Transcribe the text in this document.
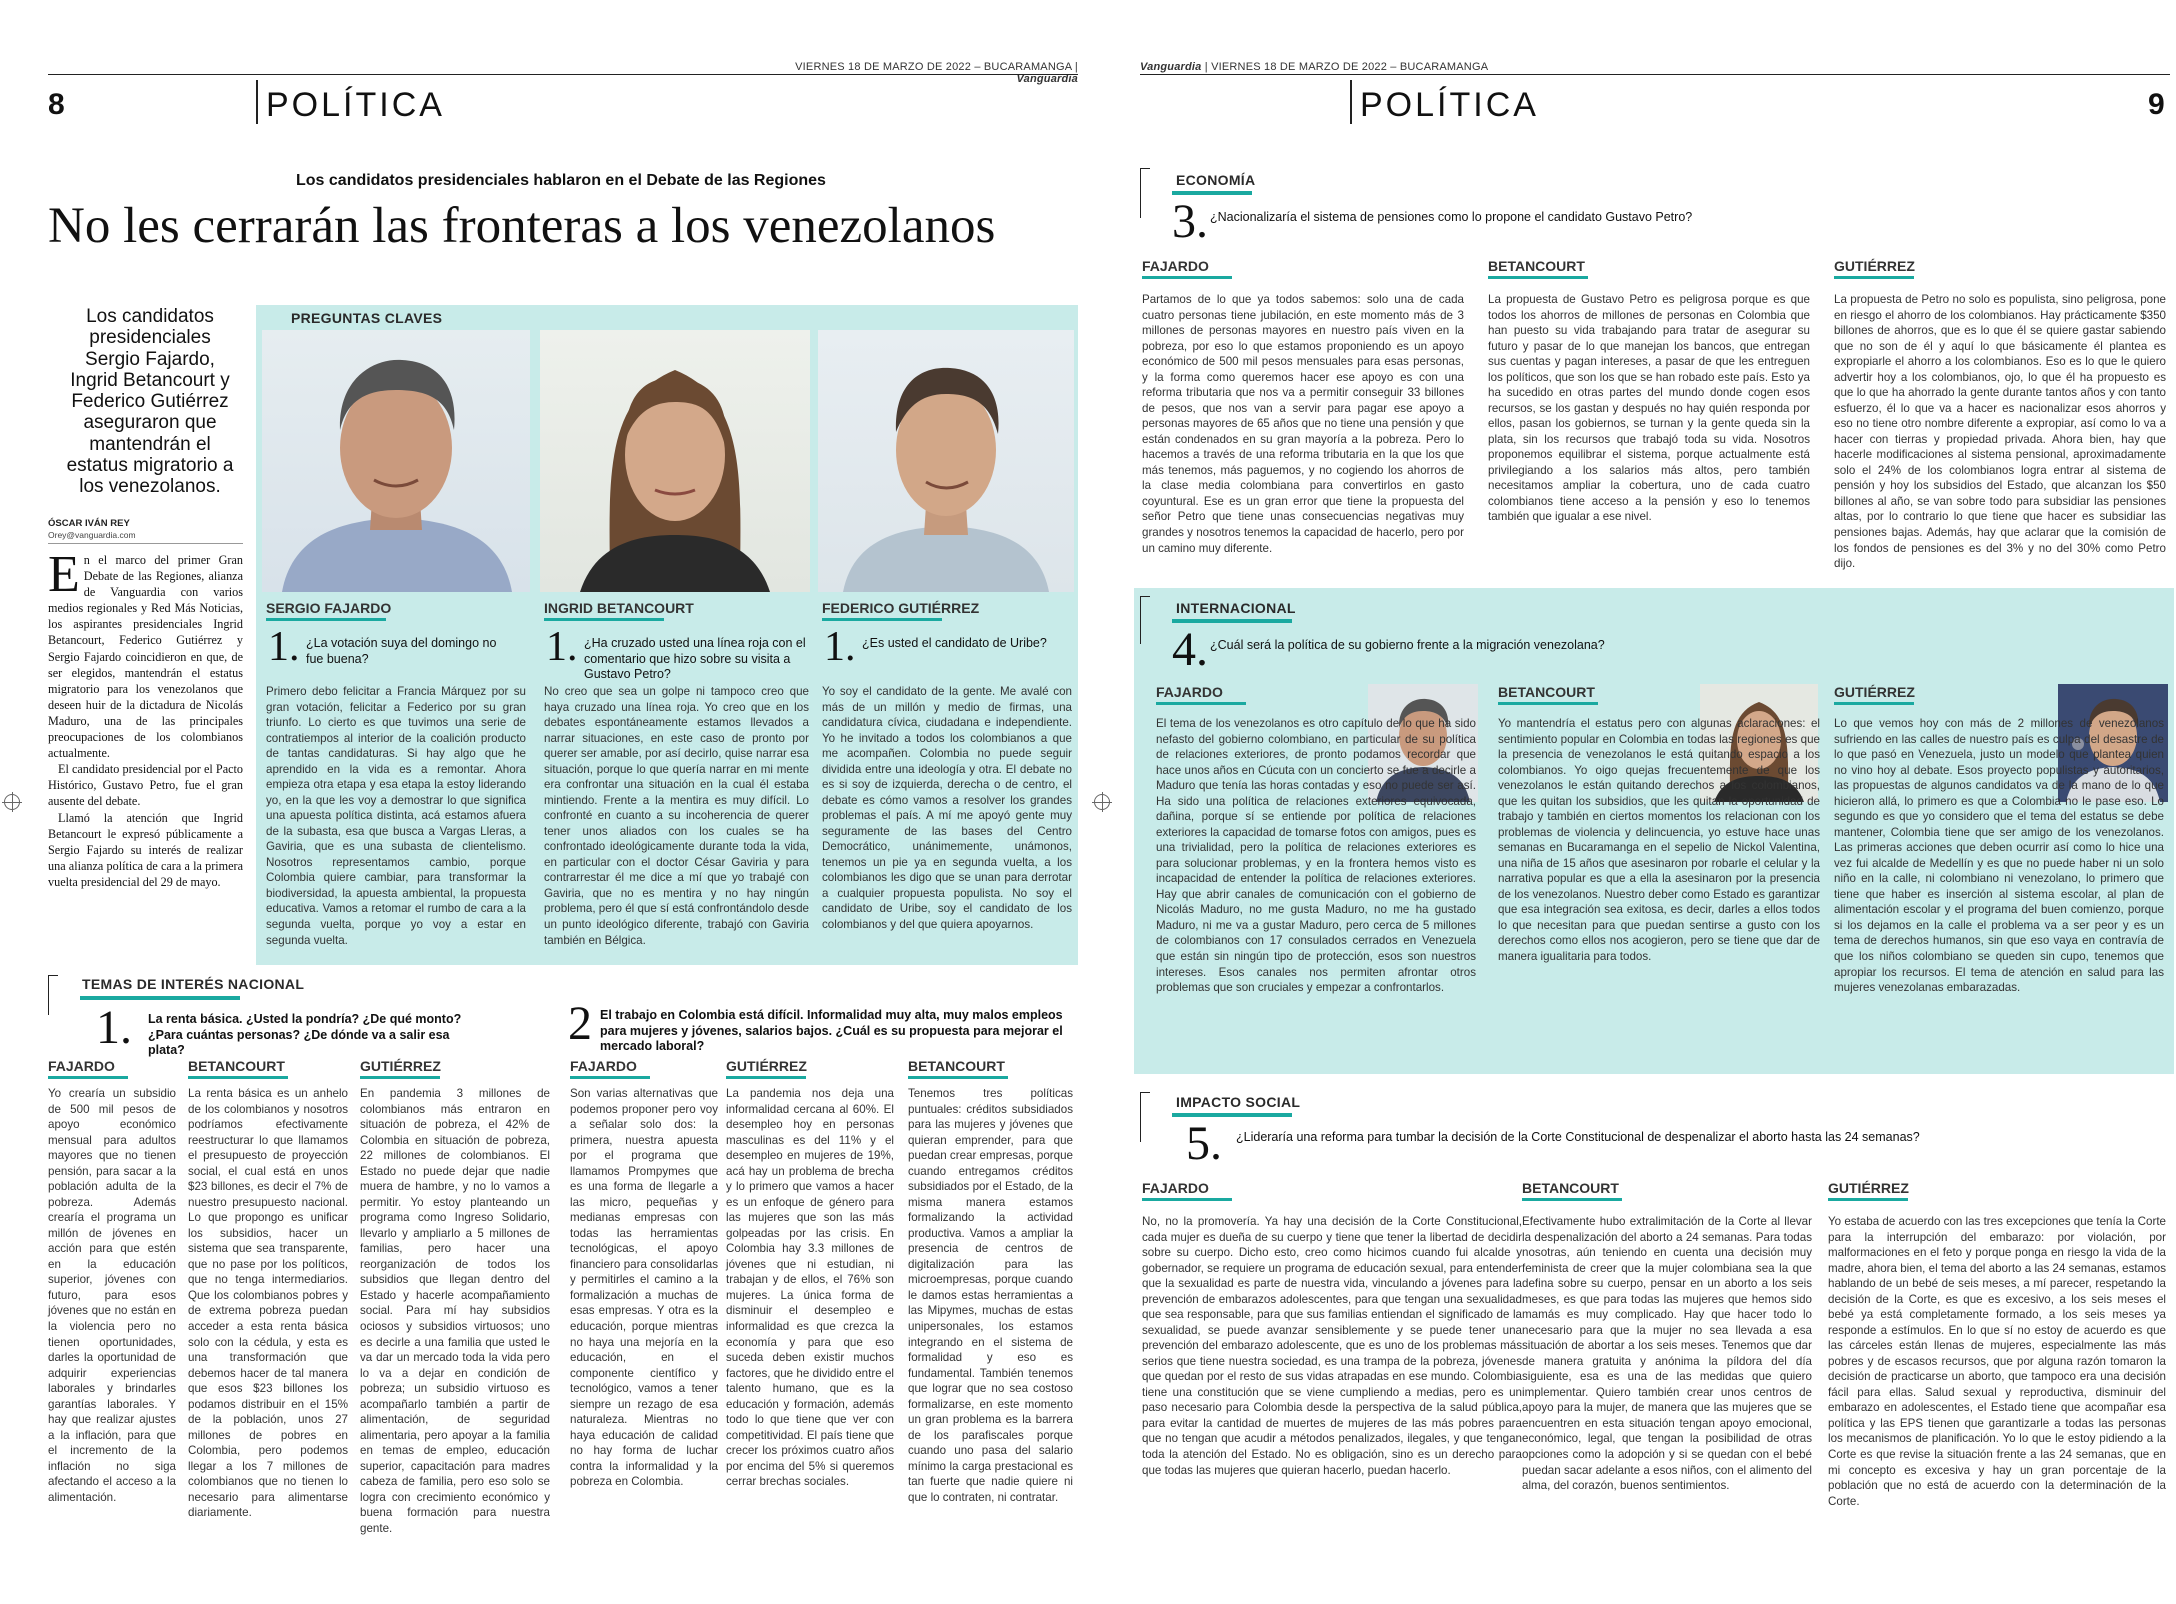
VIERNES 18 DE MARZO DE 2022 – BUCARAMANGA | Vanguardia
8	POLÍTICA
Los candidatos presidenciales hablaron en el Debate de las Regiones
No les cerrarán las fronteras a los venezolanos
Los candidatos presidenciales Sergio Fajardo, Ingrid Betancourt y Federico Gutiérrez aseguraron que mantendrán el estatus migratorio a los venezolanos.
ÓSCAR IVÁN REY
Orey@vanguardia.com
En el marco del primer Gran Debate de las Regiones, alianza de Vanguardia con varios medios regionales y Red Más Noticias, los aspirantes presidenciales Ingrid Betancourt, Federico Gutiérrez y Sergio Fajardo coincidieron en que, de ser elegidos, mantendrán el estatus migratorio para los venezolanos que deseen huir de la dictadura de Nicolás Maduro, una de las principales preocupaciones de los colombianos actualmente.
El candidato presidencial por el Pacto Histórico, Gustavo Petro, fue el gran ausente del debate.
Llamó la atención que Ingrid Betancourt le expresó públicamente a Sergio Fajardo su interés de realizar una alianza política de cara a la primera vuelta presidencial del 29 de mayo.
PREGUNTAS CLAVES
SERGIO FAJARDO
1. ¿La votación suya del domingo no fue buena?
Primero debo felicitar a Francia Márquez por su gran votación, felicitar a Federico por su gran triunfo. Lo cierto es que tuvimos una serie de contratiempos al interior de la coalición producto de tantas candidaturas. Si hay algo que he aprendido en la vida es a remontar. Ahora empieza otra etapa y esa etapa la estoy liderando yo, en la que les voy a demostrar lo que significa una apuesta política distinta, acá estamos afuera de la subasta, esa que busca a Vargas Lleras, a Gaviria, que es una subasta de clientelismo. Nosotros representamos cambio, porque Colombia quiere cambiar, para transformar la biodiversidad, la apuesta ambiental, la propuesta educativa. Vamos a retomar el rumbo de cara a la segunda vuelta, porque yo voy a estar en segunda vuelta.
INGRID BETANCOURT
1. ¿Ha cruzado usted una línea roja con el comentario que hizo sobre su visita a Gustavo Petro?
No creo que sea un golpe ni tampoco creo que haya cruzado una línea roja. Yo creo que en los debates espontáneamente estamos llevados a narrar situaciones, en este caso de pronto por querer ser amable, por así decirlo, quise narrar esa situación, porque lo que quería narrar en mi mente era confrontar una situación en la cual él estaba mintiendo. Frente a la mentira es muy difícil. Lo confronté en cuanto a su incoherencia de querer tener unos aliados con los cuales se ha confrontado ideológicamente durante toda la vida, en particular con el doctor César Gaviria y para contrarrestar él me dice a mí que yo trabajé con Gaviria, que no es mentira y no hay ningún problema, pero él que sí está confrontándolo desde un punto ideológico diferente, trabajó con Gaviria también en Bélgica.
FEDERICO GUTIÉRREZ
1. ¿Es usted el candidato de Uribe?
Yo soy el candidato de la gente. Me avalé con más de un millón y medio de firmas, una candidatura cívica, ciudadana e independiente. Yo he invitado a todos los colombianos a que me acompañen. Colombia no puede seguir dividida entre una ideología y otra. El debate no es si soy de izquierda, derecha o de centro, el debate es cómo vamos a resolver los grandes problemas el país. A mí me apoyó gente muy seguramente de las bases del Centro Democrático, unánimemente, unámonos, tenemos un pie ya en segunda vuelta, a los colombianos les digo que se unan para derrotar a cualquier propuesta populista. No soy el candidato de Uribe, soy el candidato de los colombianos y del que quiera apoyarnos.
TEMAS DE INTERÉS NACIONAL
1. La renta básica. ¿Usted la pondría? ¿De qué monto? ¿Para cuántas personas? ¿De dónde va a salir esa plata?
2 El trabajo en Colombia está difícil. Informalidad muy alta, muy malos empleos para mujeres y jóvenes, salarios bajos. ¿Cuál es su propuesta para mejorar el mercado laboral?
FAJARDO
Yo crearía un subsidio de 500 mil pesos de apoyo económico mensual para adultos mayores que no tienen pensión, para sacar a la población adulta de la pobreza. Además crearía el programa un millón de jóvenes en acción para que estén en la educación superior, jóvenes con futuro, para esos jóvenes que no están en la violencia pero no tienen oportunidades, darles la oportunidad de adquirir experiencias laborales y brindarles garantías laborales. Y hay que realizar ajustes a la inflación, para que el incremento de la inflación no siga afectando el acceso a la alimentación.
BETANCOURT
La renta básica es un anhelo de los colombianos y nosotros podríamos efectivamente reestructurar lo que llamamos el presupuesto de proyección social, el cual está en unos $23 billones, es decir el 7% de nuestro presupuesto nacional. Lo que propongo es unificar los subsidios, hacer un sistema que sea transparente, que no pase por los políticos, que no tenga intermediarios. Que los colombianos pobres y de extrema pobreza puedan acceder a esta renta básica solo con la cédula, y esta es una transformación que debemos hacer de tal manera que esos $23 billones los podamos distribuir en el 15% de la población, unos 27 millones de pobres en Colombia, pero podemos llegar a los 7 millones de colombianos que no tienen lo necesario para alimentarse diariamente.
GUTIÉRREZ
En pandemia 3 millones de colombianos más entraron en situación de pobreza, el 42% de Colombia en situación de pobreza, 22 millones de colombianos. El Estado no puede dejar que nadie muera de hambre, y no lo vamos a permitir. Yo estoy planteando un programa como Ingreso Solidario, llevarlo y ampliarlo a 5 millones de familias, pero hacer una reorganización de todos los subsidios que llegan dentro del Estado y hacerle acompañamiento social. Para mí hay subsidios ociosos y subsidios virtuosos; uno es decirle a una familia que usted le va dar un mercado toda la vida pero lo va a dejar en condición de pobreza; un subsidio virtuoso es acompañarlo también a partir de alimentación, de seguridad alimentaria, pero apoyar a la familia en temas de empleo, educación superior, capacitación para madres cabeza de familia, pero eso solo se logra con crecimiento económico y buena formación para nuestra gente.
FAJARDO
Son varias alternativas que podemos proponer pero voy a señalar solo dos: la primera, nuestra apuesta por el programa que llamamos Prompymes que es una forma de llegarle a las micro, pequeñas y medianas empresas con todas las herramientas tecnológicas, el apoyo financiero para consolidarlas y permitirles el camino a la formalización a muchas de esas empresas. Y otra es la educación, porque mientras no haya una mejoría en la educación, en el componente científico y tecnológico, vamos a tener siempre un rezago de esa naturaleza. Mientras no haya educación de calidad no hay forma de luchar contra la informalidad y la pobreza en Colombia.
GUTIÉRREZ
La pandemia nos deja una informalidad cercana al 60%. El desempleo hoy en personas masculinas es del 11% y el desempleo en mujeres de 19%, acá hay un problema de brecha y lo primero que vamos a hacer es un enfoque de género para las mujeres que son las más golpeadas por las crisis. En Colombia hay 3.3 millones de jóvenes que ni estudian, ni trabajan y de ellos, el 76% son mujeres. La única forma de disminuir el desempleo e informalidad es que crezca la economía y para que eso suceda deben existir muchos factores, que he dividido entre el talento humano, que es la educación y formación, además todo lo que tiene que ver con competitividad. El país tiene que crecer los próximos cuatro años por encima del 5% si queremos cerrar brechas sociales.
BETANCOURT
Tenemos tres políticas puntuales: créditos subsidiados para las mujeres y jóvenes que quieran emprender, para que puedan crear empresas, porque cuando entregamos créditos subsidiados por el Estado, de la misma manera estamos formalizando la actividad productiva. Vamos a ampliar la presencia de centros de digitalización para las microempresas, porque cuando le damos estas herramientas a las Mipymes, muchas de estas unipersonales, los estamos integrando en el sistema de formalidad y eso es fundamental. También tenemos que lograr que no sea costoso formalizarse, en este momento un gran problema es la barrera de los parafiscales porque cuando uno pasa del salario mínimo la carga prestacional es tan fuerte que nadie quiere ni que lo contraten, ni contratar.
Vanguardia | VIERNES 18 DE MARZO DE 2022 – BUCARAMANGA
POLÍTICA	9
ECONOMÍA
3. ¿Nacionalizaría el sistema de pensiones como lo propone el candidato Gustavo Petro?
FAJARDO
Partamos de lo que ya todos sabemos: solo una de cada cuatro personas tiene jubilación, en este momento más de 3 millones de personas mayores en nuestro país viven en la pobreza, por eso lo que estamos proponiendo es un apoyo económico de 500 mil pesos mensuales para esas personas, y la forma como queremos hacer ese apoyo es con una reforma tributaria que nos va a permitir conseguir 33 billones de pesos, que nos van a servir para pagar ese apoyo a personas mayores de 65 años que no tiene una pensión y que están condenados en su gran mayoría a la pobreza. Pero lo hacemos a través de una reforma tributaria en la que los que más tenemos, más paguemos, y no cogiendo los ahorros de la clase media colombiana para convertirlos en gasto coyuntural. Ese es un gran error que tiene la propuesta del señor Petro que tiene unas consecuencias negativas muy grandes y nosotros tenemos la capacidad de hacerlo, pero por un camino muy diferente.
BETANCOURT
La propuesta de Gustavo Petro es peligrosa porque es que todos los ahorros de millones de personas en Colombia que han puesto su vida trabajando para tratar de asegurar su futuro y pasar de lo que manejan los bancos, que entregan sus cuentas y pagan intereses, a pasar de que les entreguen los políticos, que son los que se han robado este país. Esto ya ha sucedido en otras partes del mundo donde cogen esos recursos, se los gastan y después no hay quién responda por ellos, pasan los gobiernos, se turnan y la gente queda sin la plata, sin los recursos que trabajó toda su vida. Nosotros proponemos equilibrar el sistema, porque actualmente está privilegiando a los salarios más altos, pero también necesitamos ampliar la cobertura, uno de cada cuatro colombianos tiene acceso a la pensión y eso lo tenemos también que igualar a ese nivel.
GUTIÉRREZ
La propuesta de Petro no solo es populista, sino peligrosa, pone en riesgo el ahorro de los colombianos. Hay prácticamente $350 billones de ahorros, que es lo que él se quiere gastar sabiendo que no son de él y aquí lo que básicamente él plantea es expropiarle el ahorro a los colombianos. Eso es lo que le quiero advertir hoy a los colombianos, ojo, lo que él ha propuesto es que lo que ha ahorrado la gente durante tantos años y con tanto esfuerzo, él lo que va a hacer es nacionalizar esos ahorros y eso no tiene otro nombre diferente a expropiar, así como lo va a hacer con tierras y propiedad privada. Ahora bien, hay que hacerle modificaciones al sistema pensional, aproximadamente solo el 24% de los colombianos logra entrar al sistema de pensión y hoy los subsidios del Estado, que alcanzan los $50 billones al año, se van sobre todo para subsidiar las pensiones altas, por lo contrario lo que tiene que hacer es subsidiar las pensiones bajas. Además, hay que aclarar que la comisión de los fondos de pensiones es del 3% y no del 30% como Petro dijo.
INTERNACIONAL
4. ¿Cuál será la política de su gobierno frente a la migración venezolana?
FAJARDO
El tema de los venezolanos es otro capítulo de lo que ha sido nefasto del gobierno colombiano, en particular de su política de relaciones exteriores, de pronto podamos recordar que hace unos años en Cúcuta con un concierto se fue a decirle a Maduro que tenía las horas contadas y eso no puede ser así. Ha sido una política de relaciones exteriores equivocada, dañina, porque sí se entiende por política de relaciones exteriores la capacidad de tomarse fotos con amigos, pues es una trivialidad, pero la política de relaciones exteriores es para solucionar problemas, y en la frontera hemos visto es incapacidad de entender la política de relaciones exteriores. Hay que abrir canales de comunicación con el gobierno de Nicolás Maduro, no me gusta Maduro, no me ha gustado Maduro, ni me va a gustar Maduro, pero cerca de 5 millones de colombianos con 17 consulados cerrados en Venezuela que están sin ningún tipo de protección, esos son nuestros intereses. Esos canales nos permiten afrontar otros problemas que son cruciales y empezar a confrontarlos.
BETANCOURT
Yo mantendría el estatus pero con algunas aclaraciones: el sentimiento popular en Colombia en todas las regiones es que la presencia de venezolanos le está quitando espacio a los colombianos. Yo oigo quejas frecuentemente de que los venezolanos le están quitando derechos a los colombianos, que les quitan los subsidios, que les quitan la oportunidad de trabajo y también en ciertos momentos los relacionan con los problemas de violencia y delincuencia, yo estuve hace unas semanas en Bucaramanga en el sepelio de Nickol Valentina, una niña de 15 años que asesinaron por robarle el celular y la narrativa popular es que a ella la asesinaron por la presencia de los venezolanos. Nuestro deber como Estado es garantizar que esa integración sea exitosa, es decir, darles a ellos todos lo que necesitan para que puedan sentirse a gusto con los derechos como ellos nos acogieron, pero se tiene que dar de manera igualitaria para todos.
GUTIÉRREZ
Lo que vemos hoy con más de 2 millones de venezolanos sufriendo en las calles de nuestro país es culpa del desastre de lo que pasó en Venezuela, justo un modelo que plantea quien no vino hoy al debate. Esos proyecto populistas y autoritarios, las propuestas de algunos candidatos va de la mano de lo que hicieron allá, lo primero es que a Colombia no le pase eso. Lo segundo es que yo considero que el tema del estatus se debe mantener, Colombia tiene que ser amigo de los venezolanos. Las primeras acciones que deben ocurrir así como lo hice una vez fui alcalde de Medellín y es que no puede haber ni un solo niño en la calle, ni colombiano ni venezolano, lo primero que tiene que haber es inserción al sistema escolar, al plan de alimentación escolar y el programa del buen comienzo, porque si los dejamos en la calle el problema va a ser peor y es un tema de derechos humanos, sin que eso vaya en contravía de que los niños colombiano se queden sin cupo, tenemos que apropiar los recursos. El tema de atención en salud para las mujeres venezolanas embarazadas.
IMPACTO SOCIAL
5. ¿Lideraría una reforma para tumbar la decisión de la Corte Constitucional de despenalizar el aborto hasta las 24 semanas?
FAJARDO
No, no la promovería. Ya hay una decisión de la Corte Constitucional, cada mujer es dueña de su cuerpo y tiene que tener la libertad de decidir sobre su cuerpo. Dicho esto, creo como hicimos cuando fui alcalde y gobernador, se requiere un programa de educación sexual, para entender que la sexualidad es parte de nuestra vida, vinculando a jóvenes para la prevención de embarazos adolescentes, para que tengan una sexualidad que sea responsable, para que sus familias entiendan el significado de la sexualidad, se puede avanzar sensiblemente y se puede tener una prevención del embarazo adolescente, que es uno de los problemas más serios que tiene nuestra sociedad, es una trampa de la pobreza, jóvenes que quedan por el resto de sus vidas atrapadas en ese mundo. Colombia tiene una constitución que se viene cumpliendo a medias, pero es un paso necesario para Colombia desde la perspectiva de la salud pública, para evitar la cantidad de muertes de mujeres de las más pobres para que no tengan que acudir a métodos penalizados, ilegales, y que tengan toda la atención del Estado. No es obligación, sino es un derecho para que todas las mujeres que quieran hacerlo, puedan hacerlo.
BETANCOURT
Efectivamente hubo extralimitación de la Corte al llevar la despenalización del aborto a 24 semanas. Para todas nosotras, aún teniendo en cuenta una decisión muy feminista de creer que la mujer colombiana sea la que defina sobre su cuerpo, pensar en un aborto a los seis meses, es que para todas las mujeres que hemos sido mamás es muy complicado. Hay que hacer todo lo necesario para que la mujer no sea llevada a esa situación de abortar a los seis meses. Tenemos que dar de manera gratuita y anónima la píldora del día siguiente, esa es una de las medidas que quiero implementar. Quiero también crear unos centros de apoyo para la mujer, de manera que las mujeres que se encuentren en esta situación tengan apoyo emocional, económico, legal, que tengan la posibilidad de otras opciones como la adopción y si se quedan con el bebé puedan sacar adelante a esos niños, con el alimento del alma, del corazón, buenos sentimientos.
GUTIÉRREZ
Yo estaba de acuerdo con las tres excepciones que tenía la Corte para la interrupción del embarazo: por violación, por malformaciones en el feto y porque ponga en riesgo la vida de la madre, ahora bien, el tema del aborto a las 24 semanas, estamos hablando de un bebé de seis meses, a mí parecer, respetando la decisión de la Corte, es que es excesivo, a los seis meses el bebé ya está completamente formado, a los seis meses ya responde a estímulos. En lo que sí no estoy de acuerdo es que las cárceles están llenas de mujeres, especialmente las más pobres y de escasos recursos, que por alguna razón tomaron la decisión de practicarse un aborto, que tampoco era una decisión fácil para ellas. Salud sexual y reproductiva, disminuir del embarazo en adolescentes, el Estado tiene que acompañar esa política y las EPS tienen que garantizarle a todas las personas los mecanismos de planificación. Yo lo que le estoy pidiendo a la Corte es que revise la situación frente a las 24 semanas, que en mi concepto es excesiva y hay un gran porcentaje de la población que no está de acuerdo con la determinación de la Corte.
